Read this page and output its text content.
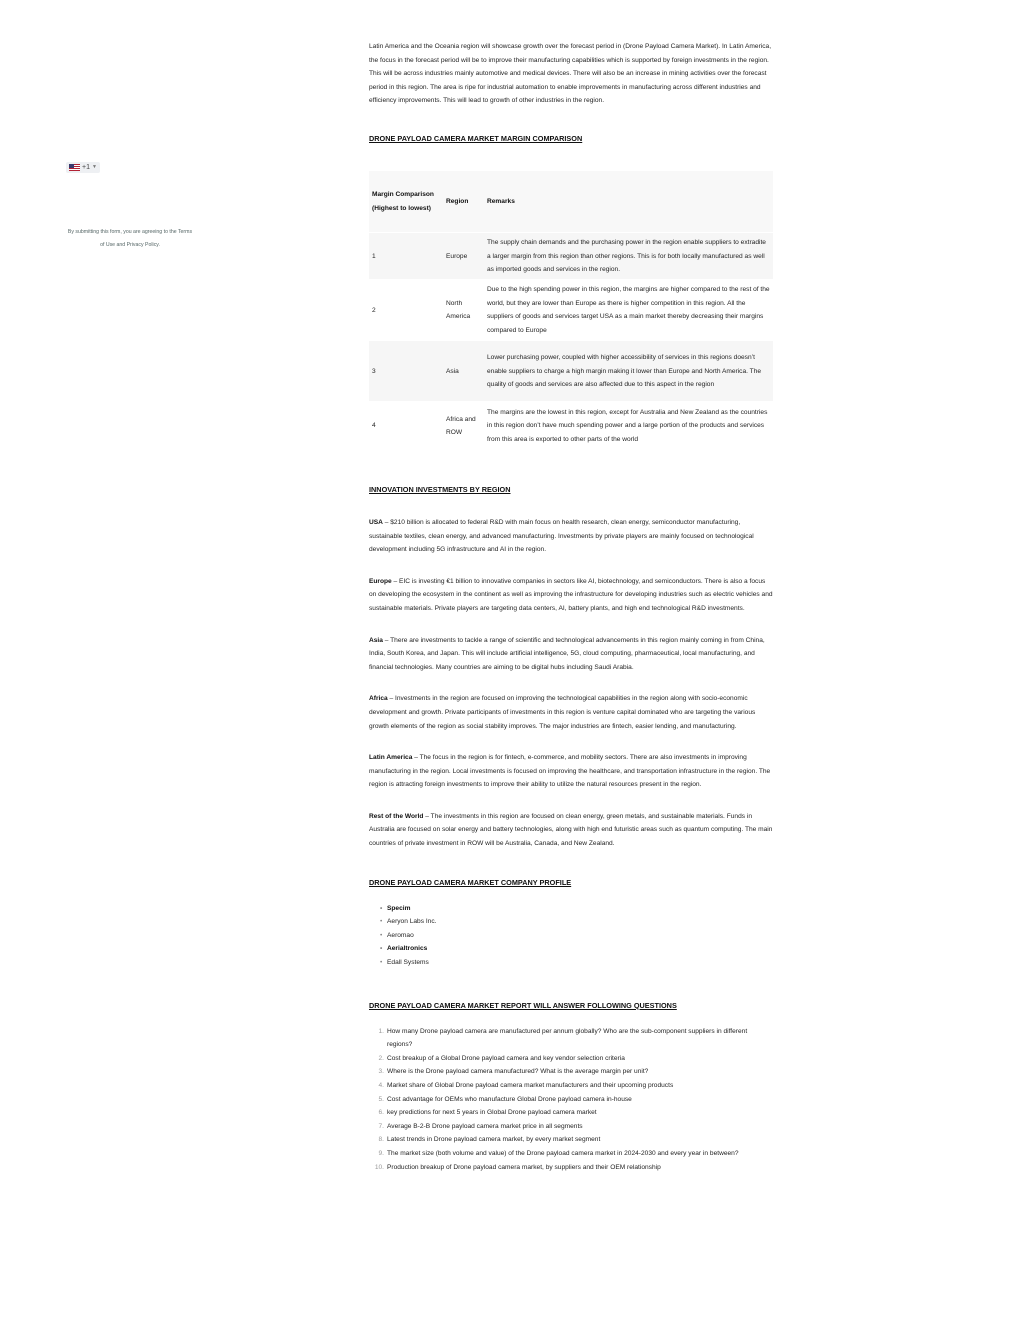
+1 ▼
By submitting this form, you are agreeing to the Terms of Use and Privacy Policy.

Latin America and the Oceania region will showcase growth over the forecast period in (Drone Payload Camera Market). In Latin America, the focus in the forecast period will be to improve their manufacturing capabilities which is supported by foreign investments in the region. This will be across industries mainly automotive and medical devices. There will also be an increase in mining activities over the forecast period in this region. The area is ripe for industrial automation to enable improvements in manufacturing across different industries and efficiency improvements. This will lead to growth of other industries in the region.

DRONE PAYLOAD CAMERA MARKET MARGIN COMPARISON

Margin Comparison (Highest to lowest)	Region	Remarks
1	Europe	The supply chain demands and the purchasing power in the region enable suppliers to extradite a larger margin from this region than other regions. This is for both locally manufactured as well as imported goods and services in the region.
2	North America	Due to the high spending power in this region, the margins are higher compared to the rest of the world, but they are lower than Europe as there is higher competition in this region. All the suppliers of goods and services target USA as a main market thereby decreasing their margins compared to Europe
3	Asia	Lower purchasing power, coupled with higher accessibility of services in this regions doesn’t enable suppliers to charge a high margin making it lower than Europe and North America. The quality of goods and services are also affected due to this aspect in the region
4	Africa and ROW	The margins are the lowest in this region, except for Australia and New Zealand as the countries in this region don’t have much spending power and a large portion of the products and services from this area is exported to other parts of the world

INNOVATION INVESTMENTS BY REGION

USA – $210 billion is allocated to federal R&D with main focus on health research, clean energy, semiconductor manufacturing, sustainable textiles, clean energy, and advanced manufacturing. Investments by private players are mainly focused on technological development including 5G infrastructure and AI in the region.

Europe – EIC is investing €1 billion to innovative companies in sectors like AI, biotechnology, and semiconductors. There is also a focus on developing the ecosystem in the continent as well as improving the infrastructure for developing industries such as electric vehicles and sustainable materials. Private players are targeting data centers, AI, battery plants, and high end technological R&D investments.

Asia – There are investments to tackle a range of scientific and technological advancements in this region mainly coming in from China, India, South Korea, and Japan. This will include artificial intelligence, 5G, cloud computing, pharmaceutical, local manufacturing, and financial technologies. Many countries are aiming to be digital hubs including Saudi Arabia.

Africa – Investments in the region are focused on improving the technological capabilities in the region along with socio-economic development and growth. Private participants of investments in this region is venture capital dominated who are targeting the various growth elements of the region as social stability improves. The major industries are fintech, easier lending, and manufacturing.

Latin America – The focus in the region is for fintech, e-commerce, and mobility sectors. There are also investments in improving manufacturing in the region. Local investments is focused on improving the healthcare, and transportation infrastructure in the region. The region is attracting foreign investments to improve their ability to utilize the natural resources present in the region.

Rest of the World – The investments in this region are focused on clean energy, green metals, and sustainable materials. Funds in Australia are focused on solar energy and battery technologies, along with high end futuristic areas such as quantum computing. The main countries of private investment in ROW will be Australia, Canada, and New Zealand.

DRONE PAYLOAD CAMERA MARKET COMPANY PROFILE

• Specim
• Aeryon Labs Inc.
• Aeromao
• Aerialtronics
• Edall Systems

DRONE PAYLOAD CAMERA MARKET REPORT WILL ANSWER FOLLOWING QUESTIONS

1. How many Drone payload camera are manufactured per annum globally? Who are the sub-component suppliers in different regions?
2. Cost breakup of a Global Drone payload camera and key vendor selection criteria
3. Where is the Drone payload camera manufactured? What is the average margin per unit?
4. Market share of Global Drone payload camera market manufacturers and their upcoming products
5. Cost advantage for OEMs who manufacture Global Drone payload camera in-house
6. key predictions for next 5 years in Global Drone payload camera market
7. Average B-2-B Drone payload camera market price in all segments
8. Latest trends in Drone payload camera market, by every market segment
9. The market size (both volume and value) of the Drone payload camera market in 2024-2030 and every year in between?
10. Production breakup of Drone payload camera market, by suppliers and their OEM relationship
